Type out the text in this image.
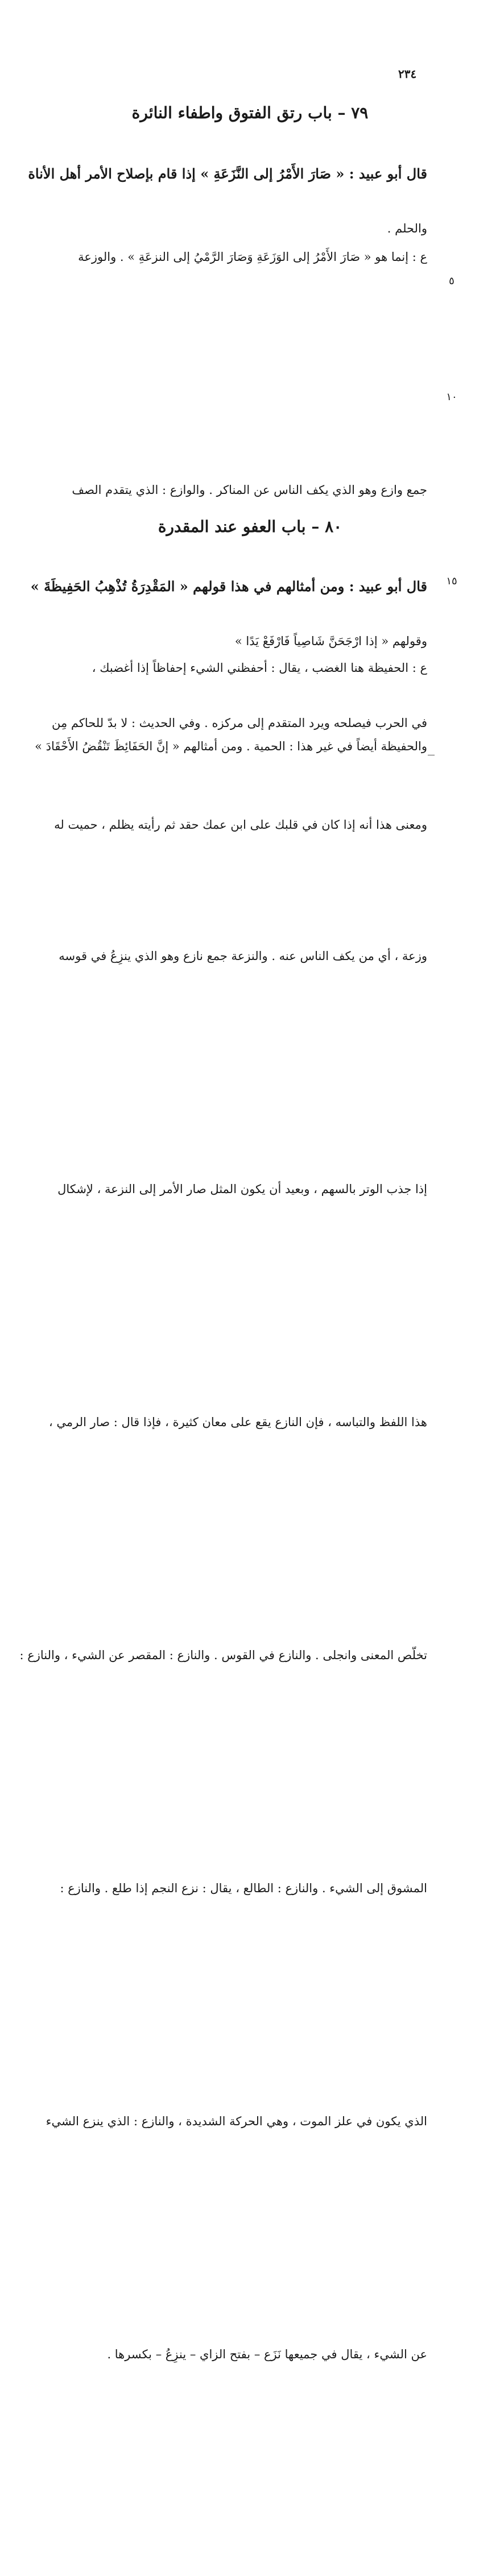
٢٣٤
٧٩ – باب رتق الفتوق واطفاء النائرة
قال أبو عبيد : « صَارَ الأَمْرُ إلى النَّزَعَةِ » إذا قام بإصلاح الأمر أهل الأناة
والحلم .
ع : إنما هو « صَارَ الأَمْرُ إلى الوَزَعَةِ وَصَارَ الرَّمْيُ إلى النزعَةِ » . والوزعة
جمع وازع وهو الذي يكف الناس عن المناكر . والوازع : الذي يتقدم الصف
في الحرب فيصلحه ويرد المتقدم إلى مركزه . وفي الحديث : لا بدّ للحاكم مِن
وزعة ، أي من يكف الناس عنه . والنزعة جمع نازع وهو الذي ينزِعُ في قوسه
إذا جذب الوتر بالسهم ، وبعيد أن يكون المثل صار الأمر إلى النزعة ، لإشكال
هذا اللفظ والتباسه ، فإن النازع يقع على معان كثيرة ، فإذا قال : صار الرمي ،
تخلّص المعنى وانجلى . والنازع في القوس . والنازع : المقصر عن الشيء ، والنازع :
المشوق إلى الشيء . والنازع : الطالع ، يقال : نزع النجم إذا طلع . والنازع :
الذي يكون في علز الموت ، وهي الحركة الشديدة ، والنازع : الذي ينزع الشيء
عن الشيء ، يقال في جميعها نَزَع – بفتح الزاي – ينزِعُ – بكسرها .
٨٠ – باب العفو عند المقدرة
قال أبو عبيد : ومن أمثالهم في هذا قولهم « المَقْدِرَةُ تُذْهِبُ الحَفِيظَةَ »
وقولهم « إذا ارْجَحَنَّ شَاصِياً فَارْفَعْ يَدًا »
ع : الحفيظة هنا الغضب ، يقال : أحفظني الشيء إحفاظاً إذا أغضبك ،
والحفيظة أيضاً في غير هذا : الحمية . ومن أمثالهم « إنَّ الحَفَائِظَ تَنْقُضُ الأَحْقَادَ »
ومعنى هذا أنه إذا كان في قلبك على ابن عمك حقد ثم رأيته يظلم ، حميت له
٥
١٠
١٥
